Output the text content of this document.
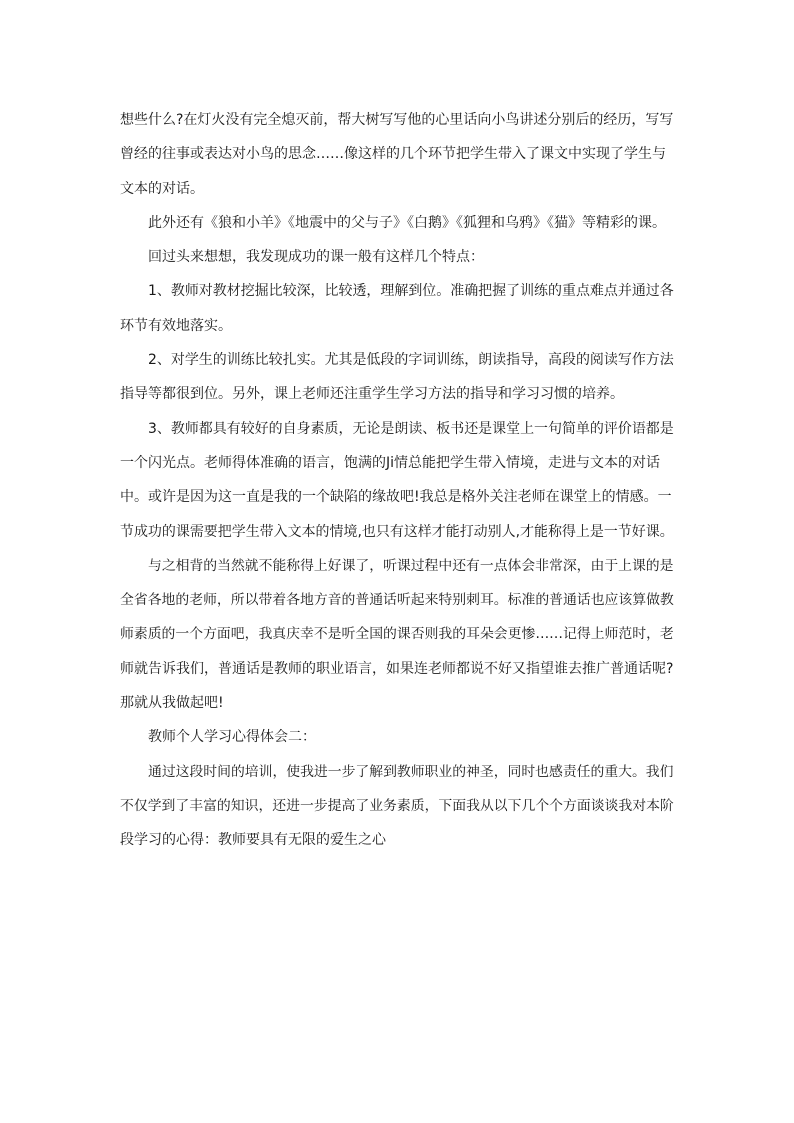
想些什么?在灯火没有完全熄灭前，帮大树写写他的心里话向小鸟讲述分别后的经历，写写
曾经的往事或表达对小鸟的思念……像这样的几个环节把学生带入了课文中实现了学生与
文本的对话。
此外还有《狼和小羊》《地震中的父与子》《白鹅》《狐狸和乌鸦》《猫》等精彩的课。
回过头来想想，我发现成功的课一般有这样几个特点：
1、教师对教材挖掘比较深，比较透，理解到位。准确把握了训练的重点难点并通过各
环节有效地落实。
2、对学生的训练比较扎实。尤其是低段的字词训练，朗读指导，高段的阅读写作方法
指导等都很到位。另外，课上老师还注重学生学习方法的指导和学习习惯的培养。
3、教师都具有较好的自身素质，无论是朗读、板书还是课堂上一句简单的评价语都是
一个闪光点。老师得体准确的语言，饱满的Ji情总能把学生带入情境，走进与文本的对话
中。或许是因为这一直是我的一个缺陷的缘故吧!我总是格外关注老师在课堂上的情感。一
节成功的课需要把学生带入文本的情境,也只有这样才能打动别人,才能称得上是一节好课。
与之相背的当然就不能称得上好课了，听课过程中还有一点体会非常深，由于上课的是
全省各地的老师，所以带着各地方音的普通话听起来特别刺耳。标准的普通话也应该算做教
师素质的一个方面吧，我真庆幸不是听全国的课否则我的耳朵会更惨……记得上师范时，老
师就告诉我们，普通话是教师的职业语言，如果连老师都说不好又指望谁去推广普通话呢?
那就从我做起吧!
教师个人学习心得体会二：
通过这段时间的培训，使我进一步了解到教师职业的神圣，同时也感责任的重大。我们
不仅学到了丰富的知识，还进一步提高了业务素质，下面我从以下几个个方面谈谈我对本阶
段学习的心得：教师要具有无限的爱生之心
